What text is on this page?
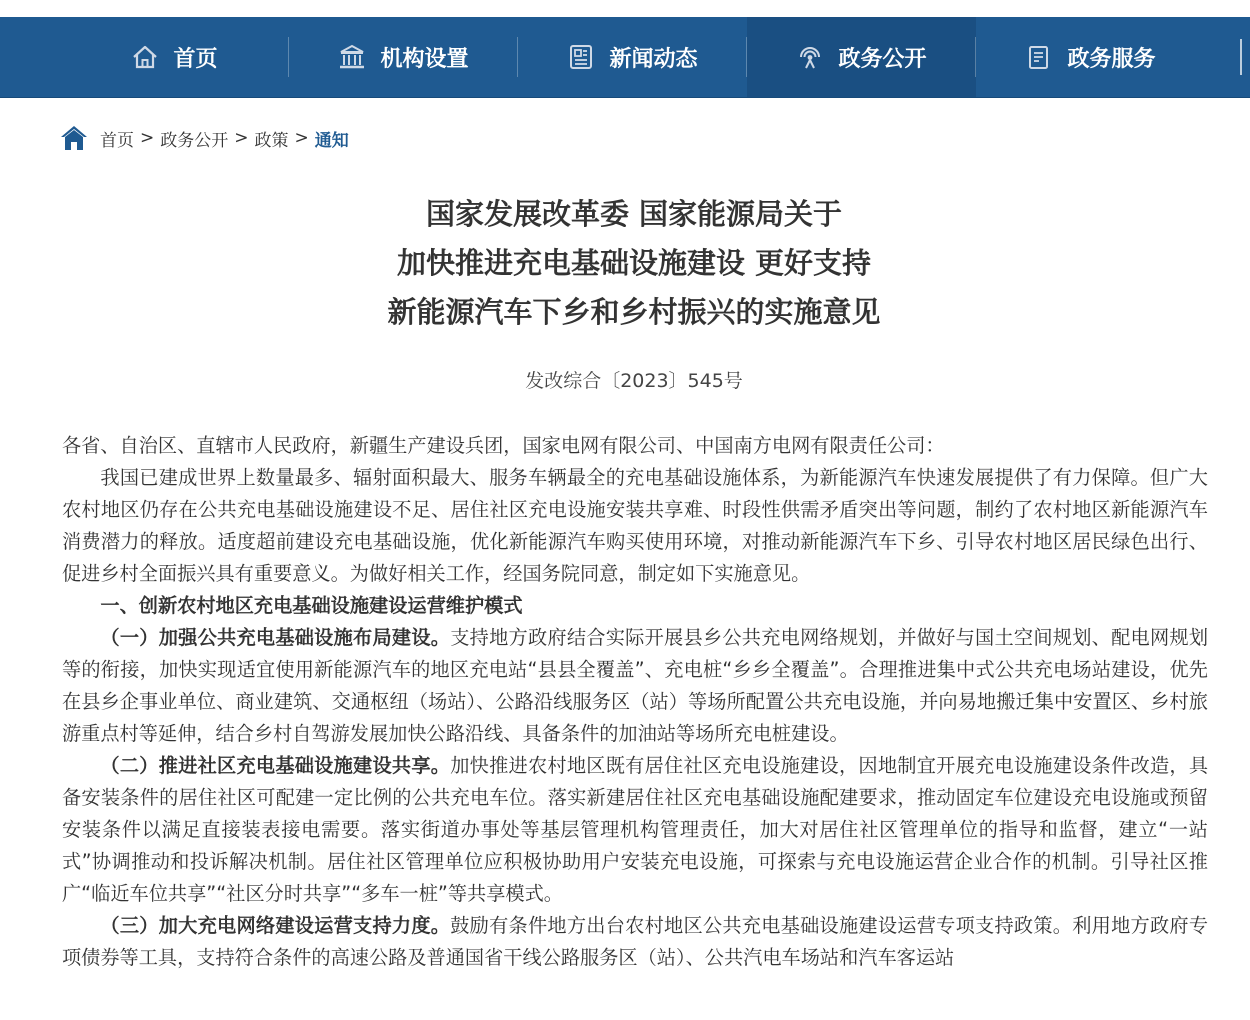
首页	机构设置	新闻动态	政务公开	政务服务
首页 > 政务公开 > 政策 > 通知
国家发展改革委 国家能源局关于
加快推进充电基础设施建设 更好支持
新能源汽车下乡和乡村振兴的实施意见
发改综合〔2023〕545号

各省、自治区、直辖市人民政府，新疆生产建设兵团，国家电网有限公司、中国南方电网有限责任公司：

我国已建成世界上数量最多、辐射面积最大、服务车辆最全的充电基础设施体系，为新能源汽车快速发展提供了有力保障。但广大农村地区仍存在公共充电基础设施建设不足、居住社区充电设施安装共享难、时段性供需矛盾突出等问题，制约了农村地区新能源汽车消费潜力的释放。适度超前建设充电基础设施，优化新能源汽车购买使用环境，对推动新能源汽车下乡、引导农村地区居民绿色出行、促进乡村全面振兴具有重要意义。为做好相关工作，经国务院同意，制定如下实施意见。

一、创新农村地区充电基础设施建设运营维护模式

（一）加强公共充电基础设施布局建设。支持地方政府结合实际开展县乡公共充电网络规划，并做好与国土空间规划、配电网规划等的衔接，加快实现适宜使用新能源汽车的地区充电站“县县全覆盖”、充电桩“乡乡全覆盖”。合理推进集中式公共充电场站建设，优先在县乡企事业单位、商业建筑、交通枢纽（场站）、公路沿线服务区（站）等场所配置公共充电设施，并向易地搬迁集中安置区、乡村旅游重点村等延伸，结合乡村自驾游发展加快公路沿线、具备条件的加油站等场所充电桩建设。

（二）推进社区充电基础设施建设共享。加快推进农村地区既有居住社区充电设施建设，因地制宜开展充电设施建设条件改造，具备安装条件的居住社区可配建一定比例的公共充电车位。落实新建居住社区充电基础设施配建要求，推动固定车位建设充电设施或预留安装条件以满足直接装表接电需要。落实街道办事处等基层管理机构管理责任，加大对居住社区管理单位的指导和监督，建立“一站式”协调推动和投诉解决机制。居住社区管理单位应积极协助用户安装充电设施，可探索与充电设施运营企业合作的机制。引导社区推广“临近车位共享”“社区分时共享”“多车一桩”等共享模式。

（三）加大充电网络建设运营支持力度。鼓励有条件地方出台农村地区公共充电基础设施建设运营专项支持政策。利用地方政府专项债券等工具，支持符合条件的高速公路及普通国省干线公路服务区（站）、公共汽电车场站和汽车客运站
